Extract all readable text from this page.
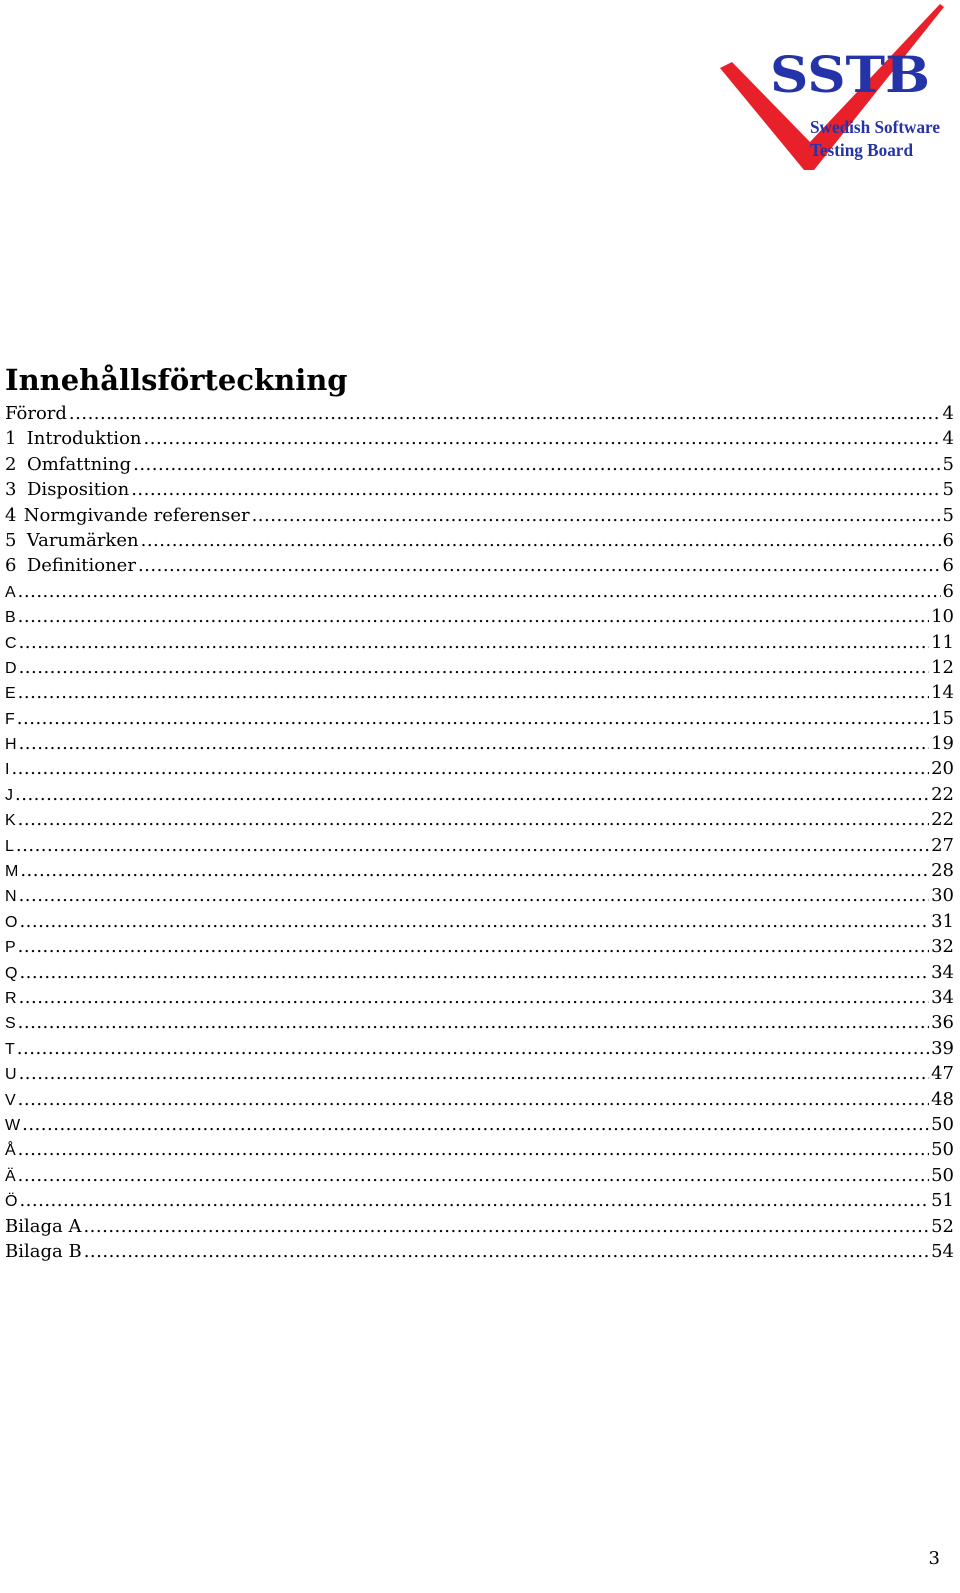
SSTB
Swedish Software
Testing Board
Innehållsförteckning
Förord .....	4
1 Introduktion .....	4
2 Omfattning .....	5
3 Disposition .....	5
4 Normgivande referenser .....	5
5 Varumärken .....	6
6 Definitioner .....	6
A .....	6
B .....	10
C .....	11
D .....	12
E .....	14
F .....	15
H .....	19
I .....	20
J .....	22
K .....	22
L .....	27
M .....	28
N .....	30
O .....	31
P .....	32
Q .....	34
R .....	34
S .....	36
T .....	39
U .....	47
V .....	48
W .....	50
Å .....	50
Ä .....	50
Ö .....	51
Bilaga A .....	52
Bilaga B .....	54
3
